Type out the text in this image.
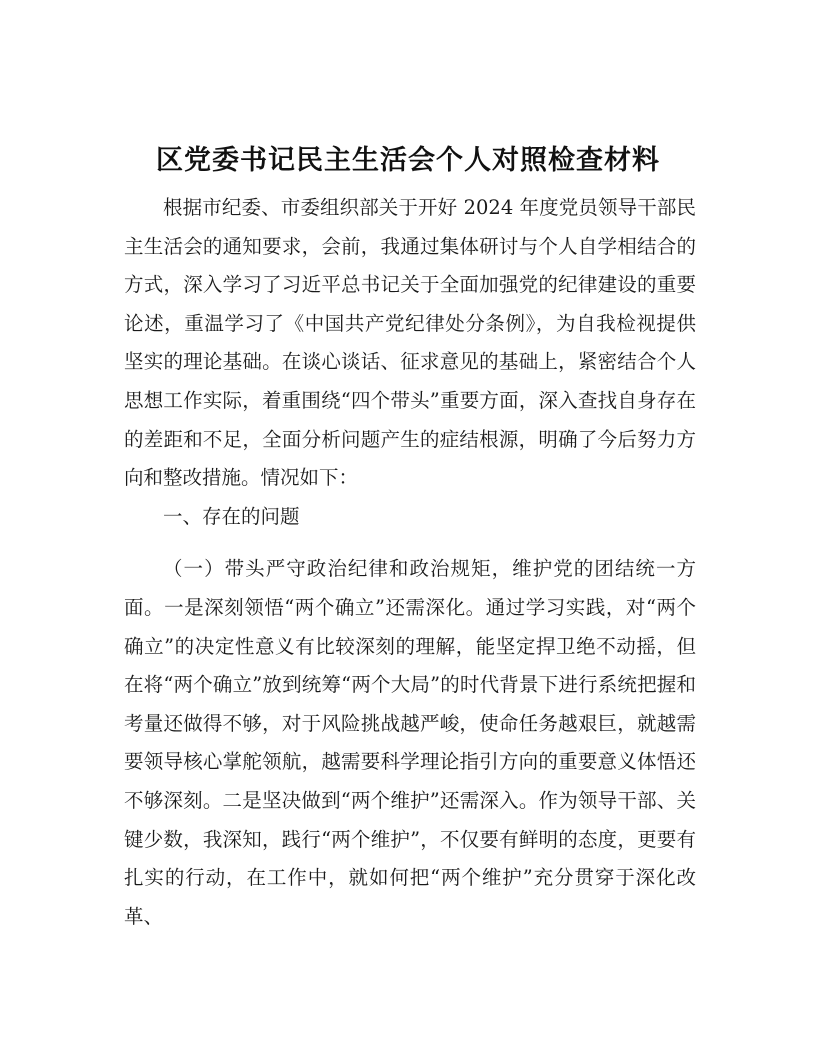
区党委书记民主生活会个人对照检查材料

根据市纪委、市委组织部关于开好 2024 年度党员领导干部民主生活会的通知要求，会前，我通过集体研讨与个人自学相结合的方式，深入学习了习近平总书记关于全面加强党的纪律建设的重要论述，重温学习了《中国共产党纪律处分条例》，为自我检视提供坚实的理论基础。在谈心谈话、征求意见的基础上，紧密结合个人思想工作实际，着重围绕“四个带头”重要方面，深入查找自身存在的差距和不足，全面分析问题产生的症结根源，明确了今后努力方向和整改措施。情况如下：

一、存在的问题

（一）带头严守政治纪律和政治规矩，维护党的团结统一方面。一是深刻领悟“两个确立”还需深化。通过学习实践，对“两个确立”的决定性意义有比较深刻的理解，能坚定捍卫绝不动摇，但在将“两个确立”放到统筹“两个大局”的时代背景下进行系统把握和考量还做得不够，对于风险挑战越严峻，使命任务越艰巨，就越需要领导核心掌舵领航，越需要科学理论指引方向的重要意义体悟还不够深刻。二是坚决做到“两个维护”还需深入。作为领导干部、关键少数，我深知，践行“两个维护”，不仅要有鲜明的态度，更要有扎实的行动，在工作中，就如何把“两个维护”充分贯穿于深化改革、
